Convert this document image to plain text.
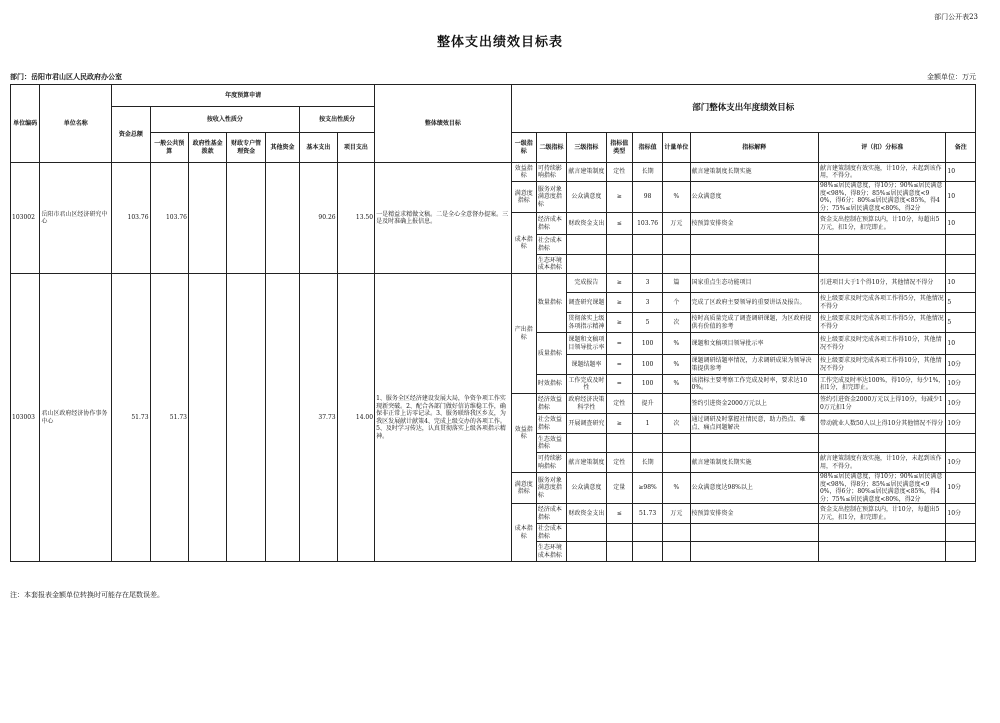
部门公开表23
整体支出绩效目标表
部门：岳阳市君山区人民政府办公室	金额单位：万元
单位编码	单位名称	年度预算申请							整体绩效目标	部门整体支出年度绩效目标								
		资金总额	按收入性质分				按支出性质分											
			一般公共预算	政府性基金拨款	财政专户管理资金	其他资金	基本支出	项目支出		一级指标	二级指标	三级指标	指标值类型	指标值	计量单位	指标解释	评（扣）分标准	备注
103002	岳阳市君山区经济研究中心	103.76	103.76				90.26	13.50	一是精益求精做文稿。二是全心全意督办提案。三是及时准确上报信息。	效益指标	可持续影响指标	献言建策制度	定性	长期		献言建策制度长期实施	献言建策制度有效实施，计10分，未起到该作用，不得分。	10
										满意度指标	服务对象满意度指标	公众满意度	≥	98	%	公众满意度	98%≤居民满意度，得10分；90%≤居民满意度<98%，得8分；85%≤居民满意度<90%，得6分；80%≤居民满意度<85%，得4分；75%≤居民满意度<80%，得2分	10
										成本指标	经济成本指标	财政资金支出	≤	103.76	万元	按预算安排资金	资金支出控制在预算以内，计10分，每超出5万元，扣1分，扣完即止。	10
											社会成本指标							
											生态环境成本指标							
103003	君山区政府经济协作事务中心	51.73	51.73				37.73	14.00	1、服务全区经济建设发展大局，争资争项工作实现新突破。2、配合各部门做好信访维稳工作，确保非正常上访零记录。3、服务联络我区乡友，为我区发展献计献策4、完成上级交办的各项工作。5、及时学习传达，认真贯彻落实上级各项指示精神。	产出指标	数量指标	完成报告	≥	3	篇	国家重点生态功能项目	引进项目大于1个得10分，其他情况不得分	10
												调查研究课题	≥	3	个	完成了区政府主要领导的重要讲话及报告。	按上级要求及时完成各项工作得5分，其他情况不得分	5
												贯彻落实上级各项指示精神	≥	5	次	按时高质量完成了调查调研课题，为区政府提供有价值的参考	按上级要求及时完成各项工作得5分，其他情况不得分	5
											质量指标	课题和文稿项目领导批示率	=	100	%	课题和文稿项目领导批示率	按上级要求及时完成各项工作得10分，其他情况不得分	10
												课题结题率	=	100	%	课题调研结题率情况，力求调研成果为领导决策提供参考	按上级要求及时完成各项工作得10分，其他情况不得分	10分
											时效指标	工作完成及时性	=	100	%	该指标主要考察工作完成及时率，要求达100%。	工作完成及时率达100%，得10分，每少1%，扣1分，扣完即止。	10分
										效益指标	经济效益指标	政府经济决策科学性	定性	提升		签约引进资金2000万元以上	签约引进资金2000万元以上得10分，每减少10万元扣1分	10分
											社会效益指标	开展调查研究	≥	1	次	通过调研及时掌握社情民意，助力热点、难点、痛点问题解决	带动就业人数50人以上得10分其他情况不得分	10分
											生态效益指标							
											可持续影响指标	献言建策制度	定性	长期		献言建策制度长期实施	献言建策制度有效实施，计10分，未起到该作用，不得分。	10分
										满意度指标	服务对象满意度指标	公众满意度	定量	≥98%	%	公众满意度达98%以上	98%≤居民满意度，得10分；90%≤居民满意度<98%，得8分；85%≤居民满意度<90%，得6分；80%≤居民满意度<85%，得4分；75%≤居民满意度<80%，得2分	10分
										成本指标	经济成本指标	财政资金支出	≤	51.73	万元	按预算安排资金	资金支出控制在预算以内，计10分，每超出5万元，扣1分，扣完即止。	10分
											社会成本指标							
											生态环境成本指标							
注：本套报表金额单位转换时可能存在尾数误差。
